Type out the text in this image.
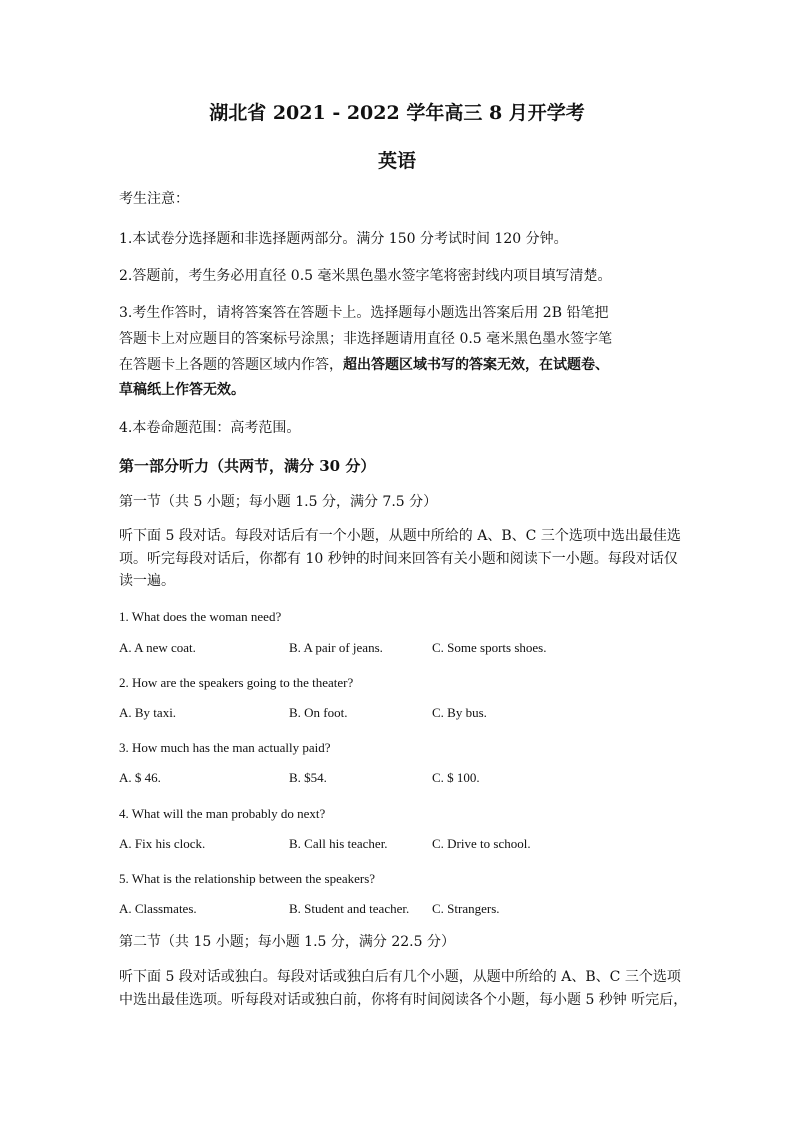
湖北省 2021 - 2022 学年高三 8 月开学考
英语
考生注意：
1.本试卷分选择题和非选择题两部分。满分 150 分考试时间 120 分钟。
2.答题前，考生务必用直径 0.5 毫米黑色墨水签字笔将密封线内项目填写清楚。
3.考生作答时，请将答案答在答题卡上。选择题每小题选出答案后用 2B 铅笔把
答题卡上对应题目的答案标号涂黑；非选择题请用直径 0.5 毫米黑色墨水签字笔
在答题卡上各题的答题区域内作答，超出答题区域书写的答案无效，在试题卷、
草稿纸上作答无效。
4.本卷命题范围：高考范围。
第一部分听力（共两节，满分 30 分）
第一节（共 5 小题；每小题 1.5 分，满分 7.5 分）
听下面 5 段对话。每段对话后有一个小题，从题中所给的 A、B、C 三个选项中选出最佳选
项。听完每段对话后，你都有 10 秒钟的时间来回答有关小题和阅读下一小题。每段对话仅
读一遍。
1. What does the woman need?
A. A new coat.	B. A pair of jeans.	C. Some sports shoes.
2. How are the speakers going to the theater?
A. By taxi.	B. On foot.	C. By bus.
3. How much has the man actually paid?
A. $ 46.	B. $54.	C. $ 100.
4. What will the man probably do next?
A. Fix his clock.	B. Call his teacher.	C. Drive to school.
5. What is the relationship between the speakers?
A. Classmates.	B. Student and teacher. C. Strangers.
第二节（共 15 小题；每小题 1.5 分，满分 22.5 分）
听下面 5 段对话或独白。每段对话或独白后有几个小题，从题中所给的 A、B、C 三个选项
中选出最佳选项。听每段对话或独白前，你将有时间阅读各个小题，每小题 5 秒钟 听完后，
